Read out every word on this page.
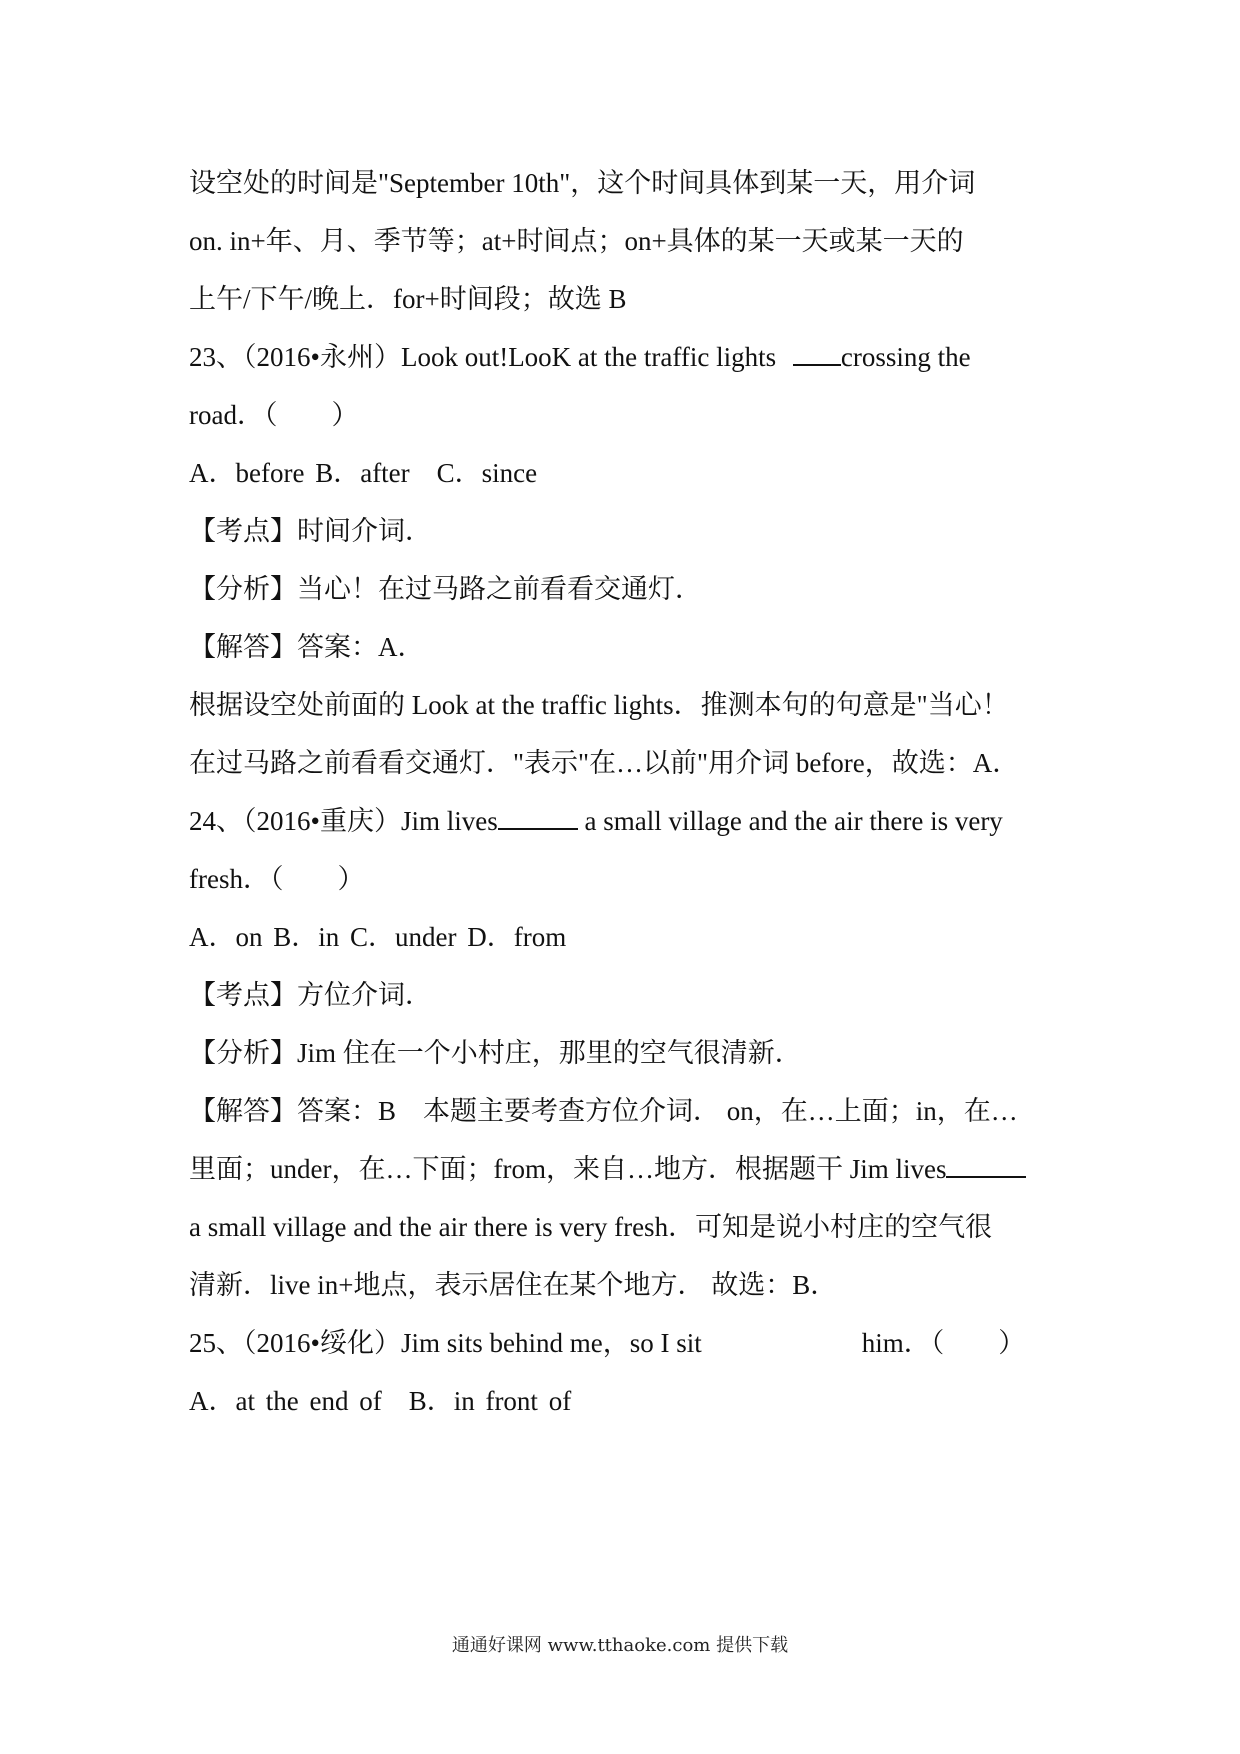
设空处的时间是"September 10th"，这个时间具体到某一天，用介词
on. in+年、月、季节等；at+时间点；on+具体的某一天或某一天的
上午/下午/晚上．for+时间段；故选 B
23、（2016•永州）Look out!LooK at the traffic lights crossing the
road．（　　）
A．before B．after　C．since
【考点】时间介词．
【分析】当心！在过马路之前看看交通灯．
【解答】答案：A．
根据设空处前面的 Look at the traffic lights．推测本句的句意是"当心！
在过马路之前看看交通灯．"表示"在…以前"用介词 before，故选：A．
24、（2016•重庆）Jim lives	a small village and the air there is very
fresh．（　　）
A．on B．in C．under D．from
【考点】方位介词．
【分析】Jim 住在一个小村庄，那里的空气很清新．
【解答】答案：B　本题主要考查方位介词． on，在…上面；in，在…
里面；under，在…下面；from，来自…地方．根据题干 Jim lives
a small village and the air there is very fresh．可知是说小村庄的空气很
清新．live in+地点，表示居住在某个地方． 故选：B．
25、（2016•绥化）Jim sits behind me，so I sit	him．（　　）
A．at the end of　B．in front of
通通好课网 www.tthaoke.com 提供下载
